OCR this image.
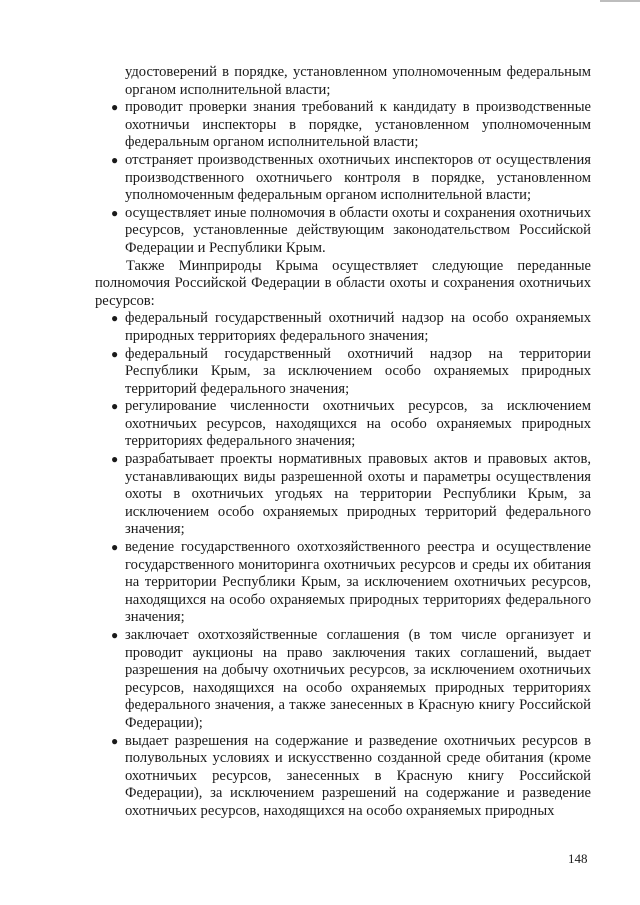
удостоверений в порядке, установленном уполномоченным федеральным органом исполнительной власти;

● проводит проверки знания требований к кандидату в производственные охотничьи инспекторы в порядке, установленном уполномоченным федеральным органом исполнительной власти;
● отстраняет производственных охотничьих инспекторов от осуществления производственного охотничьего контроля в порядке, установленном уполномоченным федеральным органом исполнительной власти;
● осуществляет иные полномочия в области охоты и сохранения охотничьих ресурсов, установленные действующим законодательством Российской Федерации и Республики Крым.

Также Минприроды Крыма осуществляет следующие переданные полномочия Российской Федерации в области охоты и сохранения охотничьих ресурсов:

● федеральный государственный охотничий надзор на особо охраняемых природных территориях федерального значения;
● федеральный государственный охотничий надзор на территории Республики Крым, за исключением особо охраняемых природных территорий федерального значения;
● регулирование численности охотничьих ресурсов, за исключением охотничьих ресурсов, находящихся на особо охраняемых природных территориях федерального значения;
● разрабатывает проекты нормативных правовых актов и правовых актов, устанавливающих виды разрешенной охоты и параметры осуществления охоты в охотничьих угодьях на территории Республики Крым, за исключением особо охраняемых природных территорий федерального значения;
● ведение государственного охотхозяйственного реестра и осуществление государственного мониторинга охотничьих ресурсов и среды их обитания на территории Республики Крым, за исключением охотничьих ресурсов, находящихся на особо охраняемых природных территориях федерального значения;
● заключает охотхозяйственные соглашения (в том числе организует и проводит аукционы на право заключения таких соглашений, выдает разрешения на добычу охотничьих ресурсов, за исключением охотничьих ресурсов, находящихся на особо охраняемых природных территориях федерального значения, а также занесенных в Красную книгу Российской Федерации);
● выдает разрешения на содержание и разведение охотничьих ресурсов в полувольных условиях и искусственно созданной среде обитания (кроме охотничьих ресурсов, занесенных в Красную книгу Российской Федерации), за исключением разрешений на содержание и разведение охотничьих ресурсов, находящихся на особо охраняемых природных
148
